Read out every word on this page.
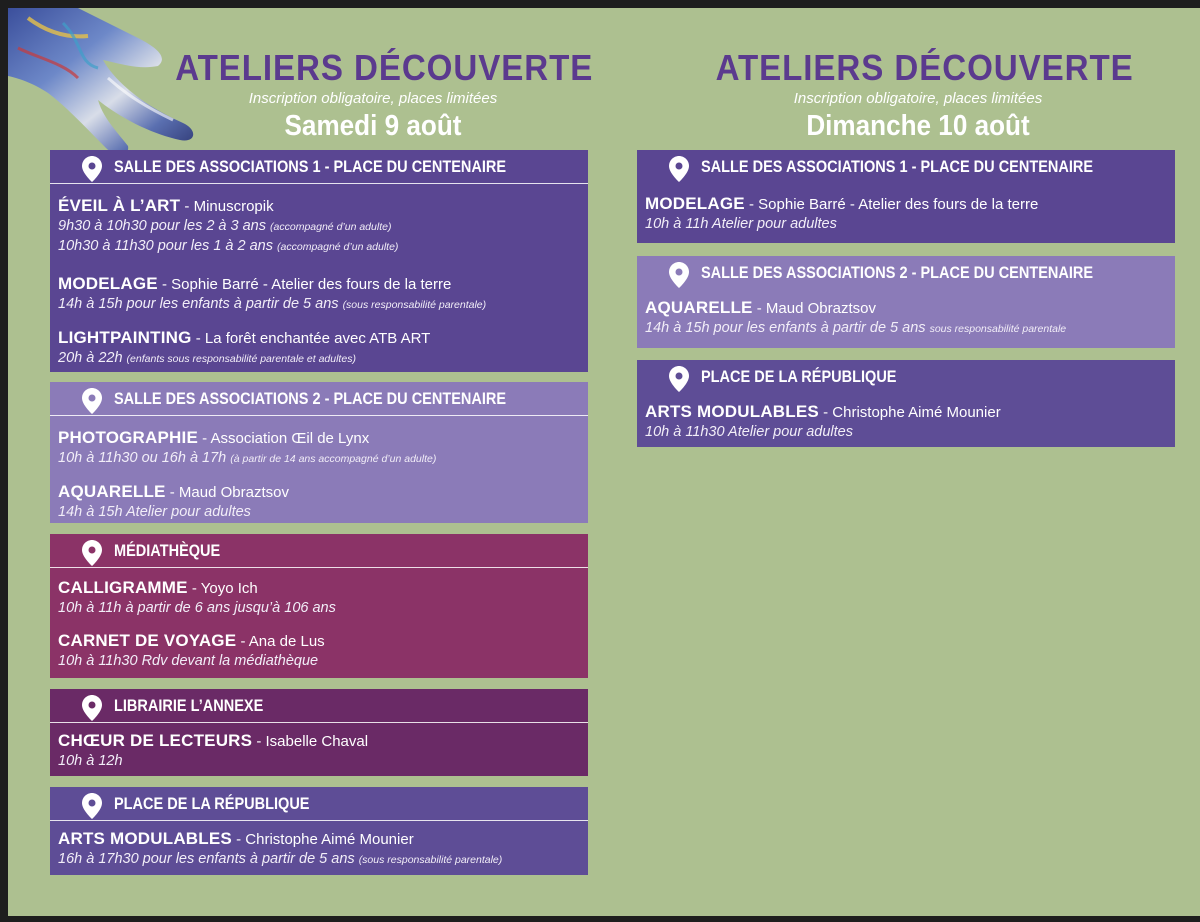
ATELIERS DÉCOUVERTE
Inscription obligatoire, places limitées
Samedi 9 août
ATELIERS DÉCOUVERTE
Inscription obligatoire, places limitées
Dimanche 10 août
SALLE DES ASSOCIATIONS 1 - PLACE DU CENTENAIRE
ÉVEIL À L’ART - Minuscropik
9h30 à 10h30 pour les 2 à 3 ans (accompagné d’un adulte)
10h30 à 11h30 pour les 1 à 2 ans (accompagné d’un adulte)
MODELAGE - Sophie Barré - Atelier des fours de la terre
14h à 15h pour les enfants à partir de 5 ans (sous responsabilité parentale)
LIGHTPAINTING - La forêt enchantée avec ATB ART
20h à 22h (enfants sous responsabilité parentale et adultes)
SALLE DES ASSOCIATIONS 2 - PLACE DU CENTENAIRE
PHOTOGRAPHIE - Association Œil de Lynx
10h à 11h30 ou 16h à 17h (à partir de 14 ans accompagné d’un adulte)
AQUARELLE - Maud Obraztsov
14h à 15h Atelier pour adultes
MÉDIATHÈQUE
CALLIGRAMME - Yoyo Ich
10h à 11h à partir de 6 ans jusqu’à 106 ans
CARNET DE VOYAGE - Ana de Lus
10h à 11h30 Rdv devant la médiathèque
LIBRAIRIE L’ANNEXE
CHŒUR DE LECTEURS - Isabelle Chaval
10h à 12h
PLACE DE LA RÉPUBLIQUE
ARTS MODULABLES - Christophe Aimé Mounier
16h à 17h30 pour les enfants à partir de 5 ans (sous responsabilité parentale)
SALLE DES ASSOCIATIONS 1 - PLACE DU CENTENAIRE
MODELAGE - Sophie Barré - Atelier des fours de la terre
10h à 11h Atelier pour adultes
SALLE DES ASSOCIATIONS 2 - PLACE DU CENTENAIRE
AQUARELLE - Maud Obraztsov
14h à 15h pour les enfants à partir de 5 ans sous responsabilité parentale
PLACE DE LA RÉPUBLIQUE
ARTS MODULABLES - Christophe Aimé Mounier
10h à 11h30 Atelier pour adultes
